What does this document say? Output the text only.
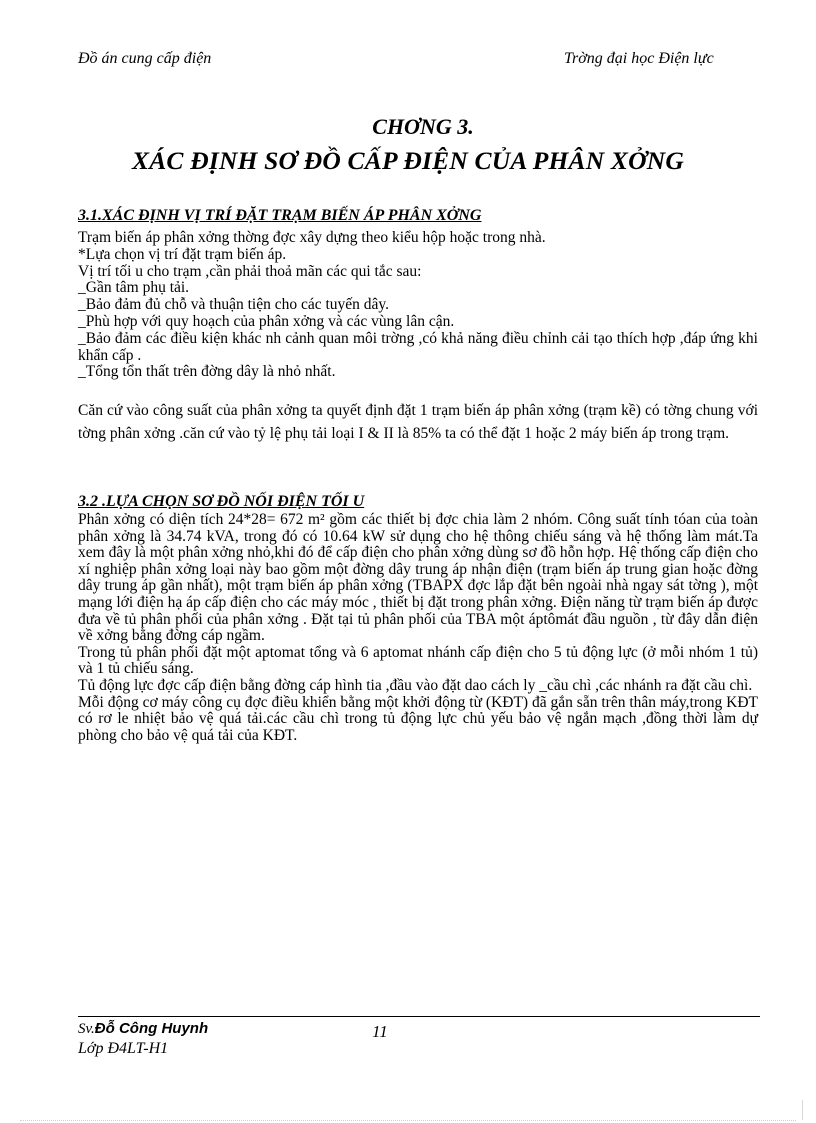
Đồ án cung cấp điện	Trờng đại học Điện lực
CHƠNG 3.
XÁC ĐỊNH SƠ ĐỒ CẤP ĐIỆN CỦA PHÂN XỞNG
3.1.XÁC ĐỊNH VỊ TRÍ ĐẶT TRẠM BIẾN ÁP PHÂN XỞNG

Trạm biến áp phân xởng thờng đợc xây dựng theo kiểu hộp hoặc trong nhà.

*Lựa chọn vị trí đặt trạm biến áp.

Vị trí tối u cho trạm ,cần phải thoả mãn các qui tắc sau:

_Gần tâm phụ tải.

_Bảo đảm đủ chỗ và thuận tiện cho các tuyến dây.

_Phù hợp với quy hoạch của phân xởng và các vùng lân cận.

_Bảo đảm các điều kiện khác nh cảnh quan môi trờng ,có khả năng điều chỉnh cải tạo thích hợp ,đáp ứng khi khẩn cấp .

_Tổng tổn thất trên đờng dây là nhỏ nhất.

Căn cứ vào công suất của phân xởng ta quyết định đặt 1 trạm biến áp phân xởng (trạm kề) có tờng chung với tờng phân xởng .căn cứ vào tỷ lệ phụ tải loại I & II là 85% ta có thể đặt 1 hoặc 2 máy biến áp trong trạm.
3.2 .LỰA CHỌN SƠ ĐỒ NỐI ĐIỆN TỐI U

Phân xởng có diện tích 24*28= 672 m² gồm các thiết bị đợc chia làm 2 nhóm. Công suất tính tóan của toàn phân xởng là 34.74 kVA, trong đó có 10.64 kW sử dụng cho hệ thông chiếu sáng và hệ thống làm mát.Ta xem đây là một phân xởng nhỏ,khi đó để cấp điện cho phân xởng dùng sơ đồ hỗn hợp. Hệ thống cấp điện cho xí nghiệp phân xởng loại này bao gồm một đờng dây trung áp nhận điện (trạm biến áp trung gian hoặc đờng dây trung áp gần nhất), một trạm biến áp phân xởng (TBAPX đợc lắp đặt bên ngoài nhà ngay sát tờng ), một mạng lới điện hạ áp cấp điện cho các máy móc , thiết bị đặt trong phân xởng. Điện năng từ trạm biến áp được đưa về tủ phân phối của phân xởng . Đặt tại tủ phân phối của TBA một áptômát đầu nguồn , từ đây dẫn điện về xởng bằng đờng cáp ngầm.

Trong tủ phân phối đặt một aptomat tổng và 6 aptomat nhánh cấp điện cho 5 tủ động lực (ở mỗi nhóm 1 tủ) và 1 tủ chiếu sáng.

Tủ động lực đợc cấp điện bằng đờng cáp hình tia ,đầu vào đặt dao cách ly _cầu chì ,các nhánh ra đặt cầu chì.

Mỗi động cơ máy công cụ đợc điều khiển bằng một khởi động từ (KĐT) đã gắn sẵn trên thân máy,trong KĐT có rơ le nhiệt bảo vệ quá tải.các cầu chì trong tủ động lực chủ yếu bảo vệ ngắn mạch ,đồng thời làm dự phòng cho bảo vệ quá tải của KĐT.

Sv.Đỗ Công Huynh	11
Lớp Đ4LT-H1
